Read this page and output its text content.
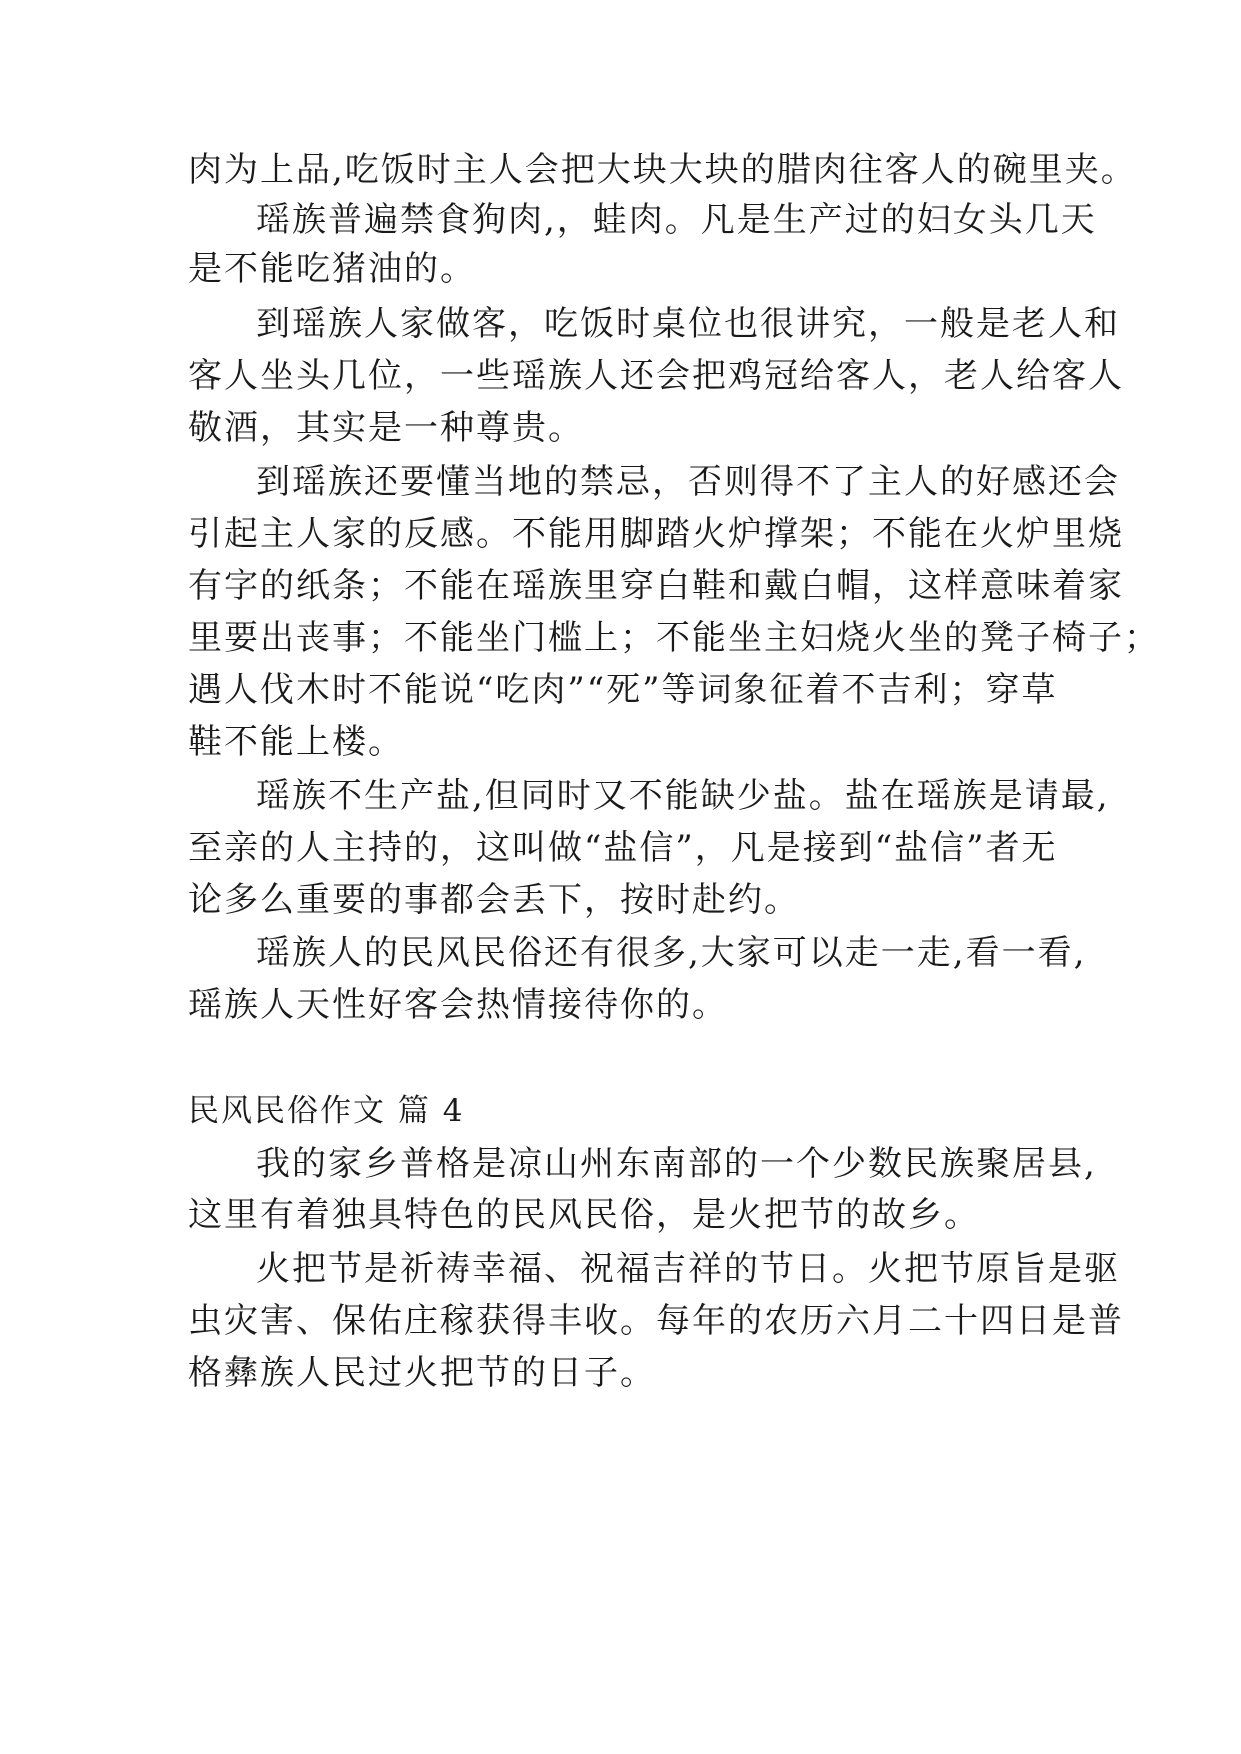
肉为上品,吃饭时主人会把大块大块的腊肉往客人的碗里夹。
瑶族普遍禁食狗肉,，蛙肉。凡是生产过的妇女头几天
是不能吃猪油的。
到瑶族人家做客，吃饭时桌位也很讲究，一般是老人和
客人坐头几位，一些瑶族人还会把鸡冠给客人，老人给客人
敬酒，其实是一种尊贵。
到瑶族还要懂当地的禁忌，否则得不了主人的好感还会
引起主人家的反感。不能用脚踏火炉撑架；不能在火炉里烧
有字的纸条；不能在瑶族里穿白鞋和戴白帽，这样意味着家
里要出丧事；不能坐门槛上；不能坐主妇烧火坐的凳子椅子；
遇人伐木时不能说“吃肉”“死”等词象征着不吉利；穿草
鞋不能上楼。
瑶族不生产盐,但同时又不能缺少盐。盐在瑶族是请最,
至亲的人主持的，这叫做“盐信”，凡是接到“盐信”者无
论多么重要的事都会丢下，按时赴约。
瑶族人的民风民俗还有很多,大家可以走一走,看一看,
瑶族人天性好客会热情接待你的。
民风民俗作文 篇 4
我的家乡普格是凉山州东南部的一个少数民族聚居县,
这里有着独具特色的民风民俗，是火把节的故乡。
火把节是祈祷幸福、祝福吉祥的节日。火把节原旨是驱
虫灾害、保佑庄稼获得丰收。每年的农历六月二十四日是普
格彝族人民过火把节的日子。
